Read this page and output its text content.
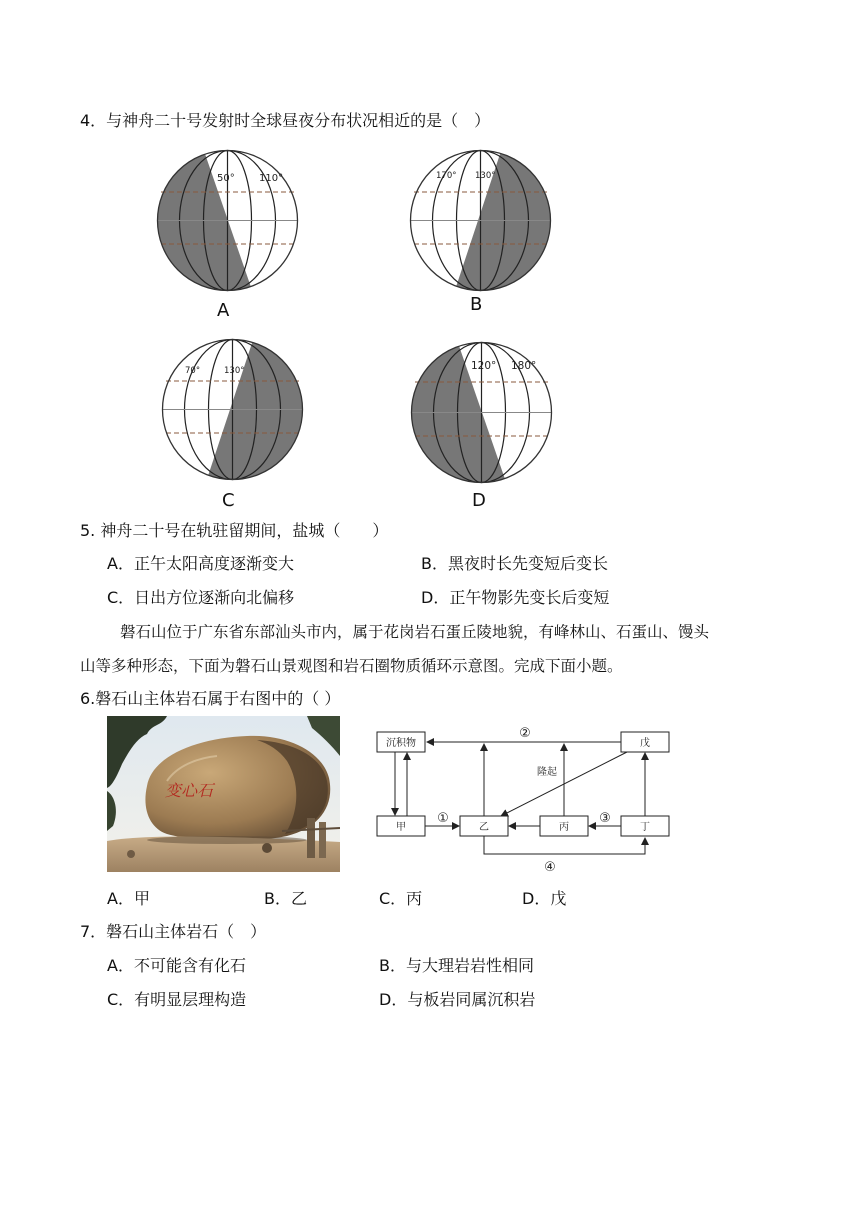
4．与神舟二十号发射时全球昼夜分布状况相近的是（　）
50° 110°
A
170° 130°
B
70°	130°
C
120° 180°
D
5. 神舟二十号在轨驻留期间，盐城（　　）
A．正午太阳高度逐渐变大	B．黑夜时长先变短后变长
C．日出方位逐渐向北偏移	D．正午物影先变长后变短
磐石山位于广东省东部汕头市内，属于花岗岩石蛋丘陵地貌，有峰林山、石蛋山、馒头
山等多种形态，下面为磐石山景观图和岩石圈物质循环示意图。完成下面小题。
6.磐石山主体岩石属于右图中的（ ）
变心石
沉积物	戊
甲	乙	丙	丁
隆起
②
①	③
④
A．甲	B．乙	C．丙	D．戊
7．磐石山主体岩石（　）
A．不可能含有化石	B．与大理岩岩性相同
C．有明显层理构造	D．与板岩同属沉积岩
